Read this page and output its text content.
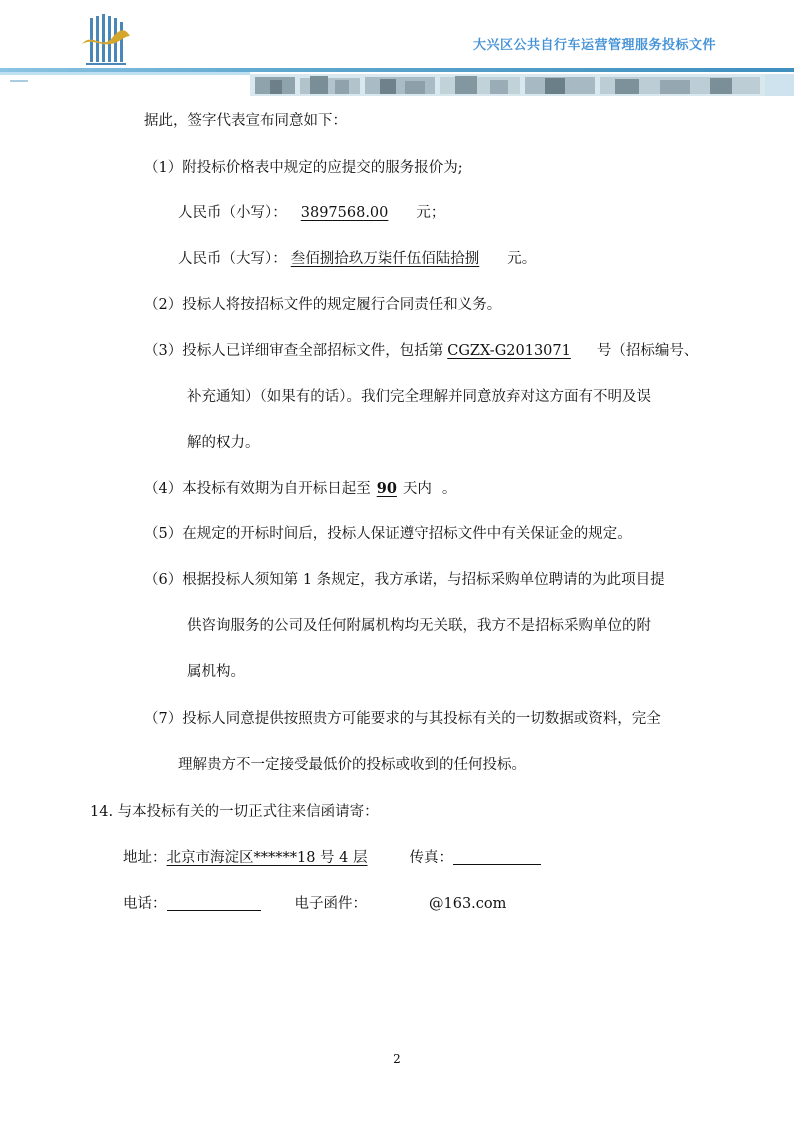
大兴区公共自行车运营管理服务投标文件
据此，签字代表宣布同意如下：
（1）附投标价格表中规定的应提交的服务报价为;
人民币（小写）： 3897568.00 元；
人民币（大写）： 叁佰捌拾玖万柒仟伍佰陆拾捌 元。
（2）投标人将按招标文件的规定履行合同责任和义务。
（3）投标人已详细审查全部招标文件，包括第 CGZX-G2013071 号（招标编号、
补充通知）（如果有的话）。我们完全理解并同意放弃对这方面有不明及误
解的权力。
（4）本投标有效期为自开标日起至 90 天内 。
（5）在规定的开标时间后，投标人保证遵守招标文件中有关保证金的规定。
（6）根据投标人须知第 1 条规定，我方承诺，与招标采购单位聘请的为此项目提
供咨询服务的公司及任何附属机构均无关联，我方不是招标采购单位的附
属机构。
（7）投标人同意提供按照贵方可能要求的与其投标有关的一切数据或资料，完全
理解贵方不一定接受最低价的投标或收到的任何投标。
14. 与本投标有关的一切正式往来信函请寄：
地址：北京市海淀区******18 号 4 层	传真：
电话：	电子函件：	@163.com
2
